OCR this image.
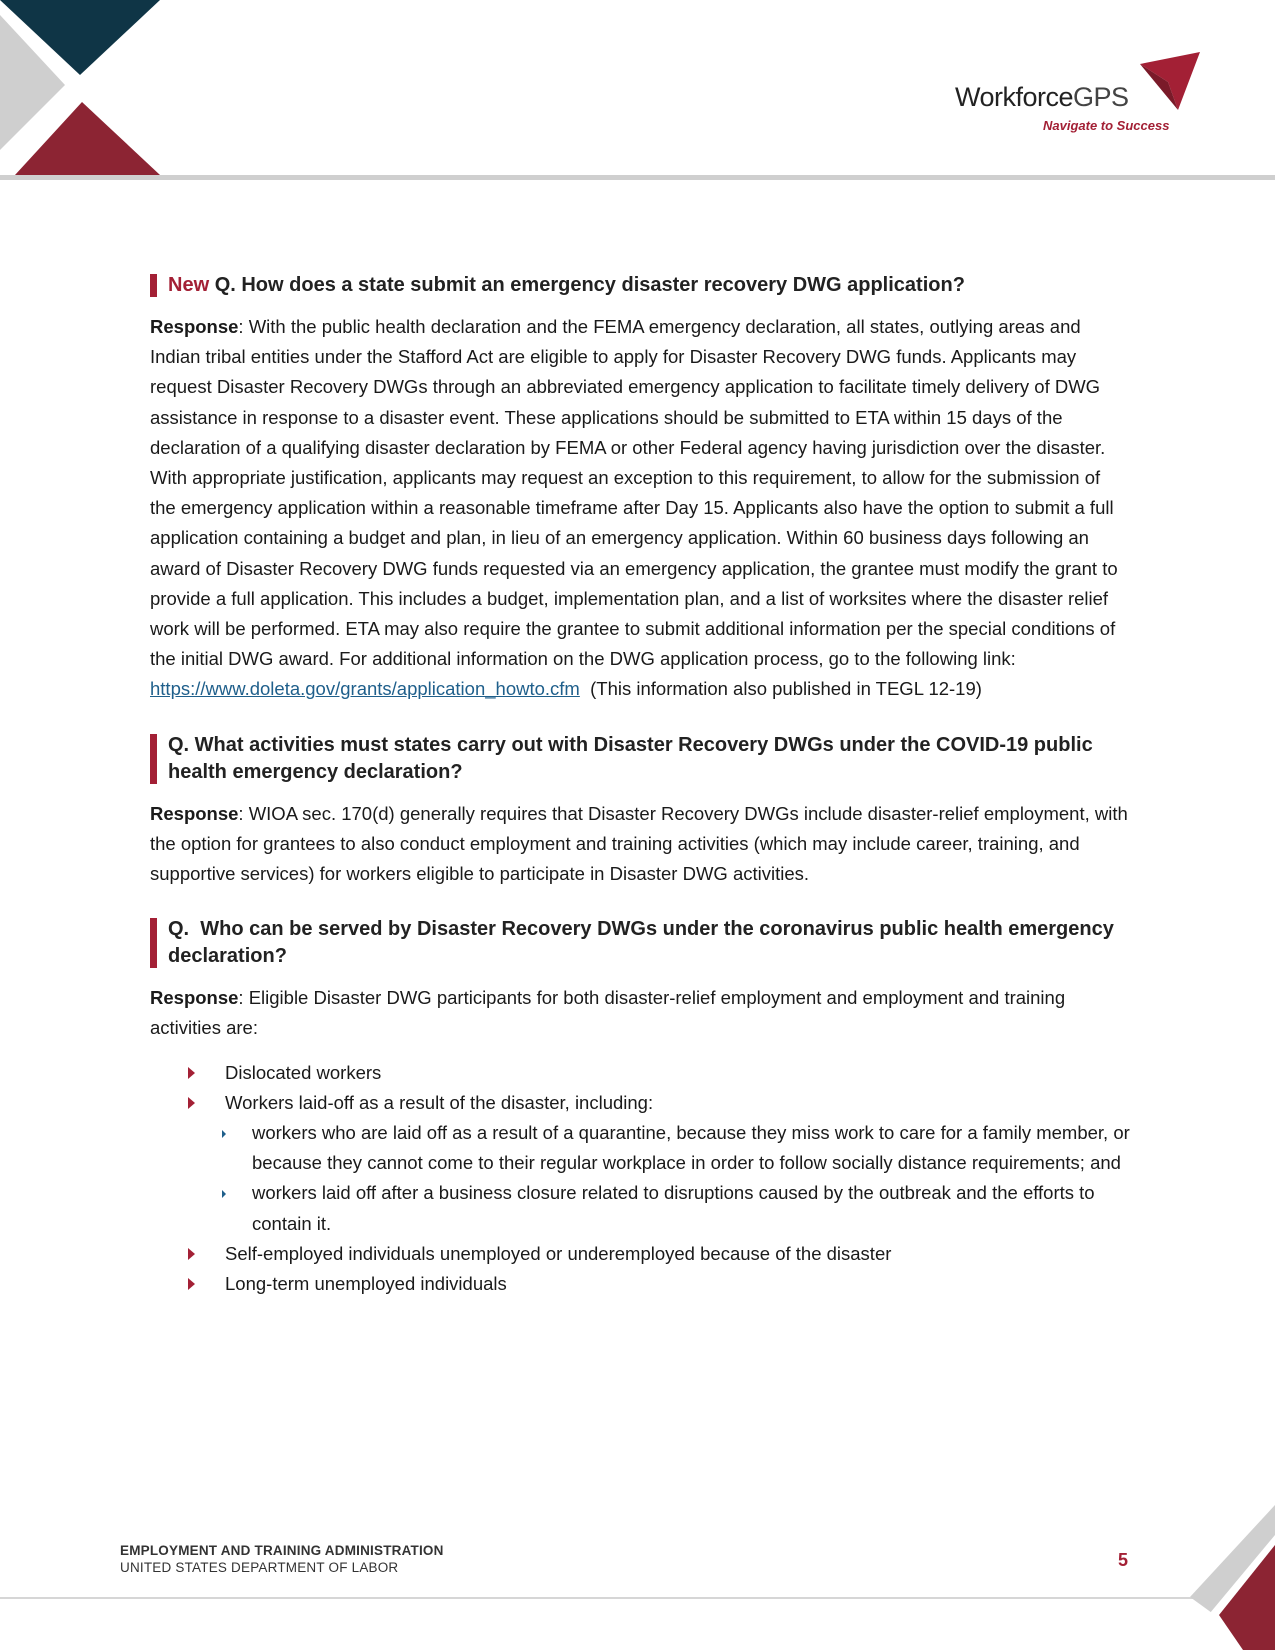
WorkforceGPS
Navigate to Success
New Q. How does a state submit an emergency disaster recovery DWG application?

Response: With the public health declaration and the FEMA emergency declaration, all states, outlying areas and Indian tribal entities under the Stafford Act are eligible to apply for Disaster Recovery DWG funds. Applicants may request Disaster Recovery DWGs through an abbreviated emergency application to facilitate timely delivery of DWG assistance in response to a disaster event. These applications should be submitted to ETA within 15 days of the declaration of a qualifying disaster declaration by FEMA or other Federal agency having jurisdiction over the disaster. With appropriate justification, applicants may request an exception to this requirement, to allow for the submission of the emergency application within a reasonable timeframe after Day 15. Applicants also have the option to submit a full application containing a budget and plan, in lieu of an emergency application. Within 60 business days following an award of Disaster Recovery DWG funds requested via an emergency application, the grantee must modify the grant to provide a full application. This includes a budget, implementation plan, and a list of worksites where the disaster relief work will be performed. ETA may also require the grantee to submit additional information per the special conditions of the initial DWG award. For additional information on the DWG application process, go to the following link:
https://www.doleta.gov/grants/application_howto.cfm  (This information also published in TEGL 12-19)

Q. What activities must states carry out with Disaster Recovery DWGs under the COVID-19 public health emergency declaration?

Response: WIOA sec. 170(d) generally requires that Disaster Recovery DWGs include disaster-relief employment, with the option for grantees to also conduct employment and training activities (which may include career, training, and supportive services) for workers eligible to participate in Disaster DWG activities.

Q.  Who can be served by Disaster Recovery DWGs under the coronavirus public health emergency declaration?

Response: Eligible Disaster DWG participants for both disaster-relief employment and employment and training activities are:

Dislocated workers
Workers laid-off as a result of the disaster, including:
workers who are laid off as a result of a quarantine, because they miss work to care for a family member, or because they cannot come to their regular workplace in order to follow socially distance requirements; and
workers laid off after a business closure related to disruptions caused by the outbreak and the efforts to contain it.
Self-employed individuals unemployed or underemployed because of the disaster
Long-term unemployed individuals
EMPLOYMENT AND TRAINING ADMINISTRATION
UNITED STATES DEPARTMENT OF LABOR	5
